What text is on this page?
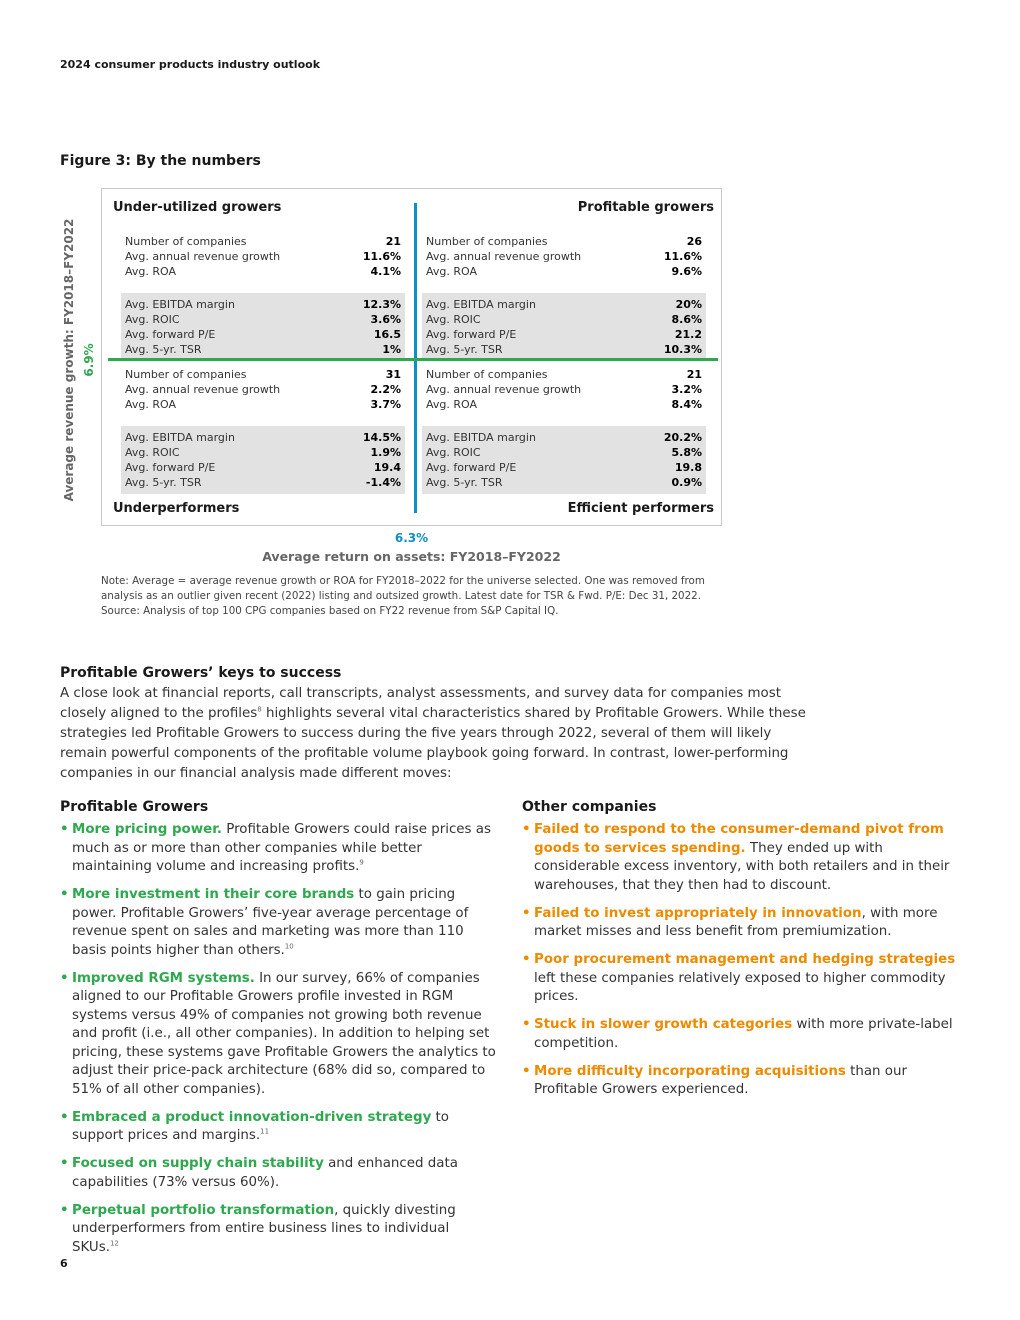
2024 consumer products industry outlook
Figure 3: By the numbers
Average revenue growth: FY2018–FY2022 6.9%
Under-utilized growers	Profitable growers
Underperformers	Efficient performers
Number of companies	21
Avg. annual revenue growth	11.6%
Avg. ROA	4.1%
Avg. EBITDA margin	12.3%
Avg. ROIC	3.6%
Avg. forward P/E	16.5
Avg. 5-yr. TSR	1%
Number of companies	26
Avg. annual revenue growth	11.6%
Avg. ROA	9.6%
Avg. EBITDA margin	20%
Avg. ROIC	8.6%
Avg. forward P/E	21.2
Avg. 5-yr. TSR	10.3%
Number of companies	31
Avg. annual revenue growth	2.2%
Avg. ROA	3.7%
Avg. EBITDA margin	14.5%
Avg. ROIC	1.9%
Avg. forward P/E	19.4
Avg. 5-yr. TSR	-1.4%
Number of companies	21
Avg. annual revenue growth	3.2%
Avg. ROA	8.4%
Avg. EBITDA margin	20.2%
Avg. ROIC	5.8%
Avg. forward P/E	19.8
Avg. 5-yr. TSR	0.9%
6.3%
Average return on assets: FY2018–FY2022
Note: Average = average revenue growth or ROA for FY2018–2022 for the universe selected. One was removed from analysis as an outlier given recent (2022) listing and outsized growth. Latest date for TSR & Fwd. P/E: Dec 31, 2022.
Source: Analysis of top 100 CPG companies based on FY22 revenue from S&P Capital IQ.
Profitable Growers’ keys to success
A close look at financial reports, call transcripts, analyst assessments, and survey data for companies most closely aligned to the profiles$^8$ highlights several vital characteristics shared by Profitable Growers. While these strategies led Profitable Growers to success during the five years through 2022, several of them will likely remain powerful components of the profitable volume playbook going forward. In contrast, lower-performing companies in our financial analysis made different moves:
Profitable Growers
• More pricing power. Profitable Growers could raise prices as much as or more than other companies while better maintaining volume and increasing profits.$^9$
• More investment in their core brands to gain pricing power. Profitable Growers’ five-year average percentage of revenue spent on sales and marketing was more than 110 basis points higher than others.$^{10}$
• Improved RGM systems. In our survey, 66% of companies aligned to our Profitable Growers profile invested in RGM systems versus 49% of companies not growing both revenue and profit (i.e., all other companies). In addition to helping set pricing, these systems gave Profitable Growers the analytics to adjust their price-pack architecture (68% did so, compared to 51% of all other companies).
• Embraced a product innovation-driven strategy to support prices and margins.$^{11}$
• Focused on supply chain stability and enhanced data capabilities (73% versus 60%).
• Perpetual portfolio transformation, quickly divesting underperformers from entire business lines to individual SKUs.$^{12}$
Other companies
• Failed to respond to the consumer-demand pivot from goods to services spending. They ended up with considerable excess inventory, with both retailers and in their warehouses, that they then had to discount.
• Failed to invest appropriately in innovation, with more market misses and less benefit from premiumization.
• Poor procurement management and hedging strategies left these companies relatively exposed to higher commodity prices.
• Stuck in slower growth categories with more private-label competition.
• More difficulty incorporating acquisitions than our Profitable Growers experienced.
6
